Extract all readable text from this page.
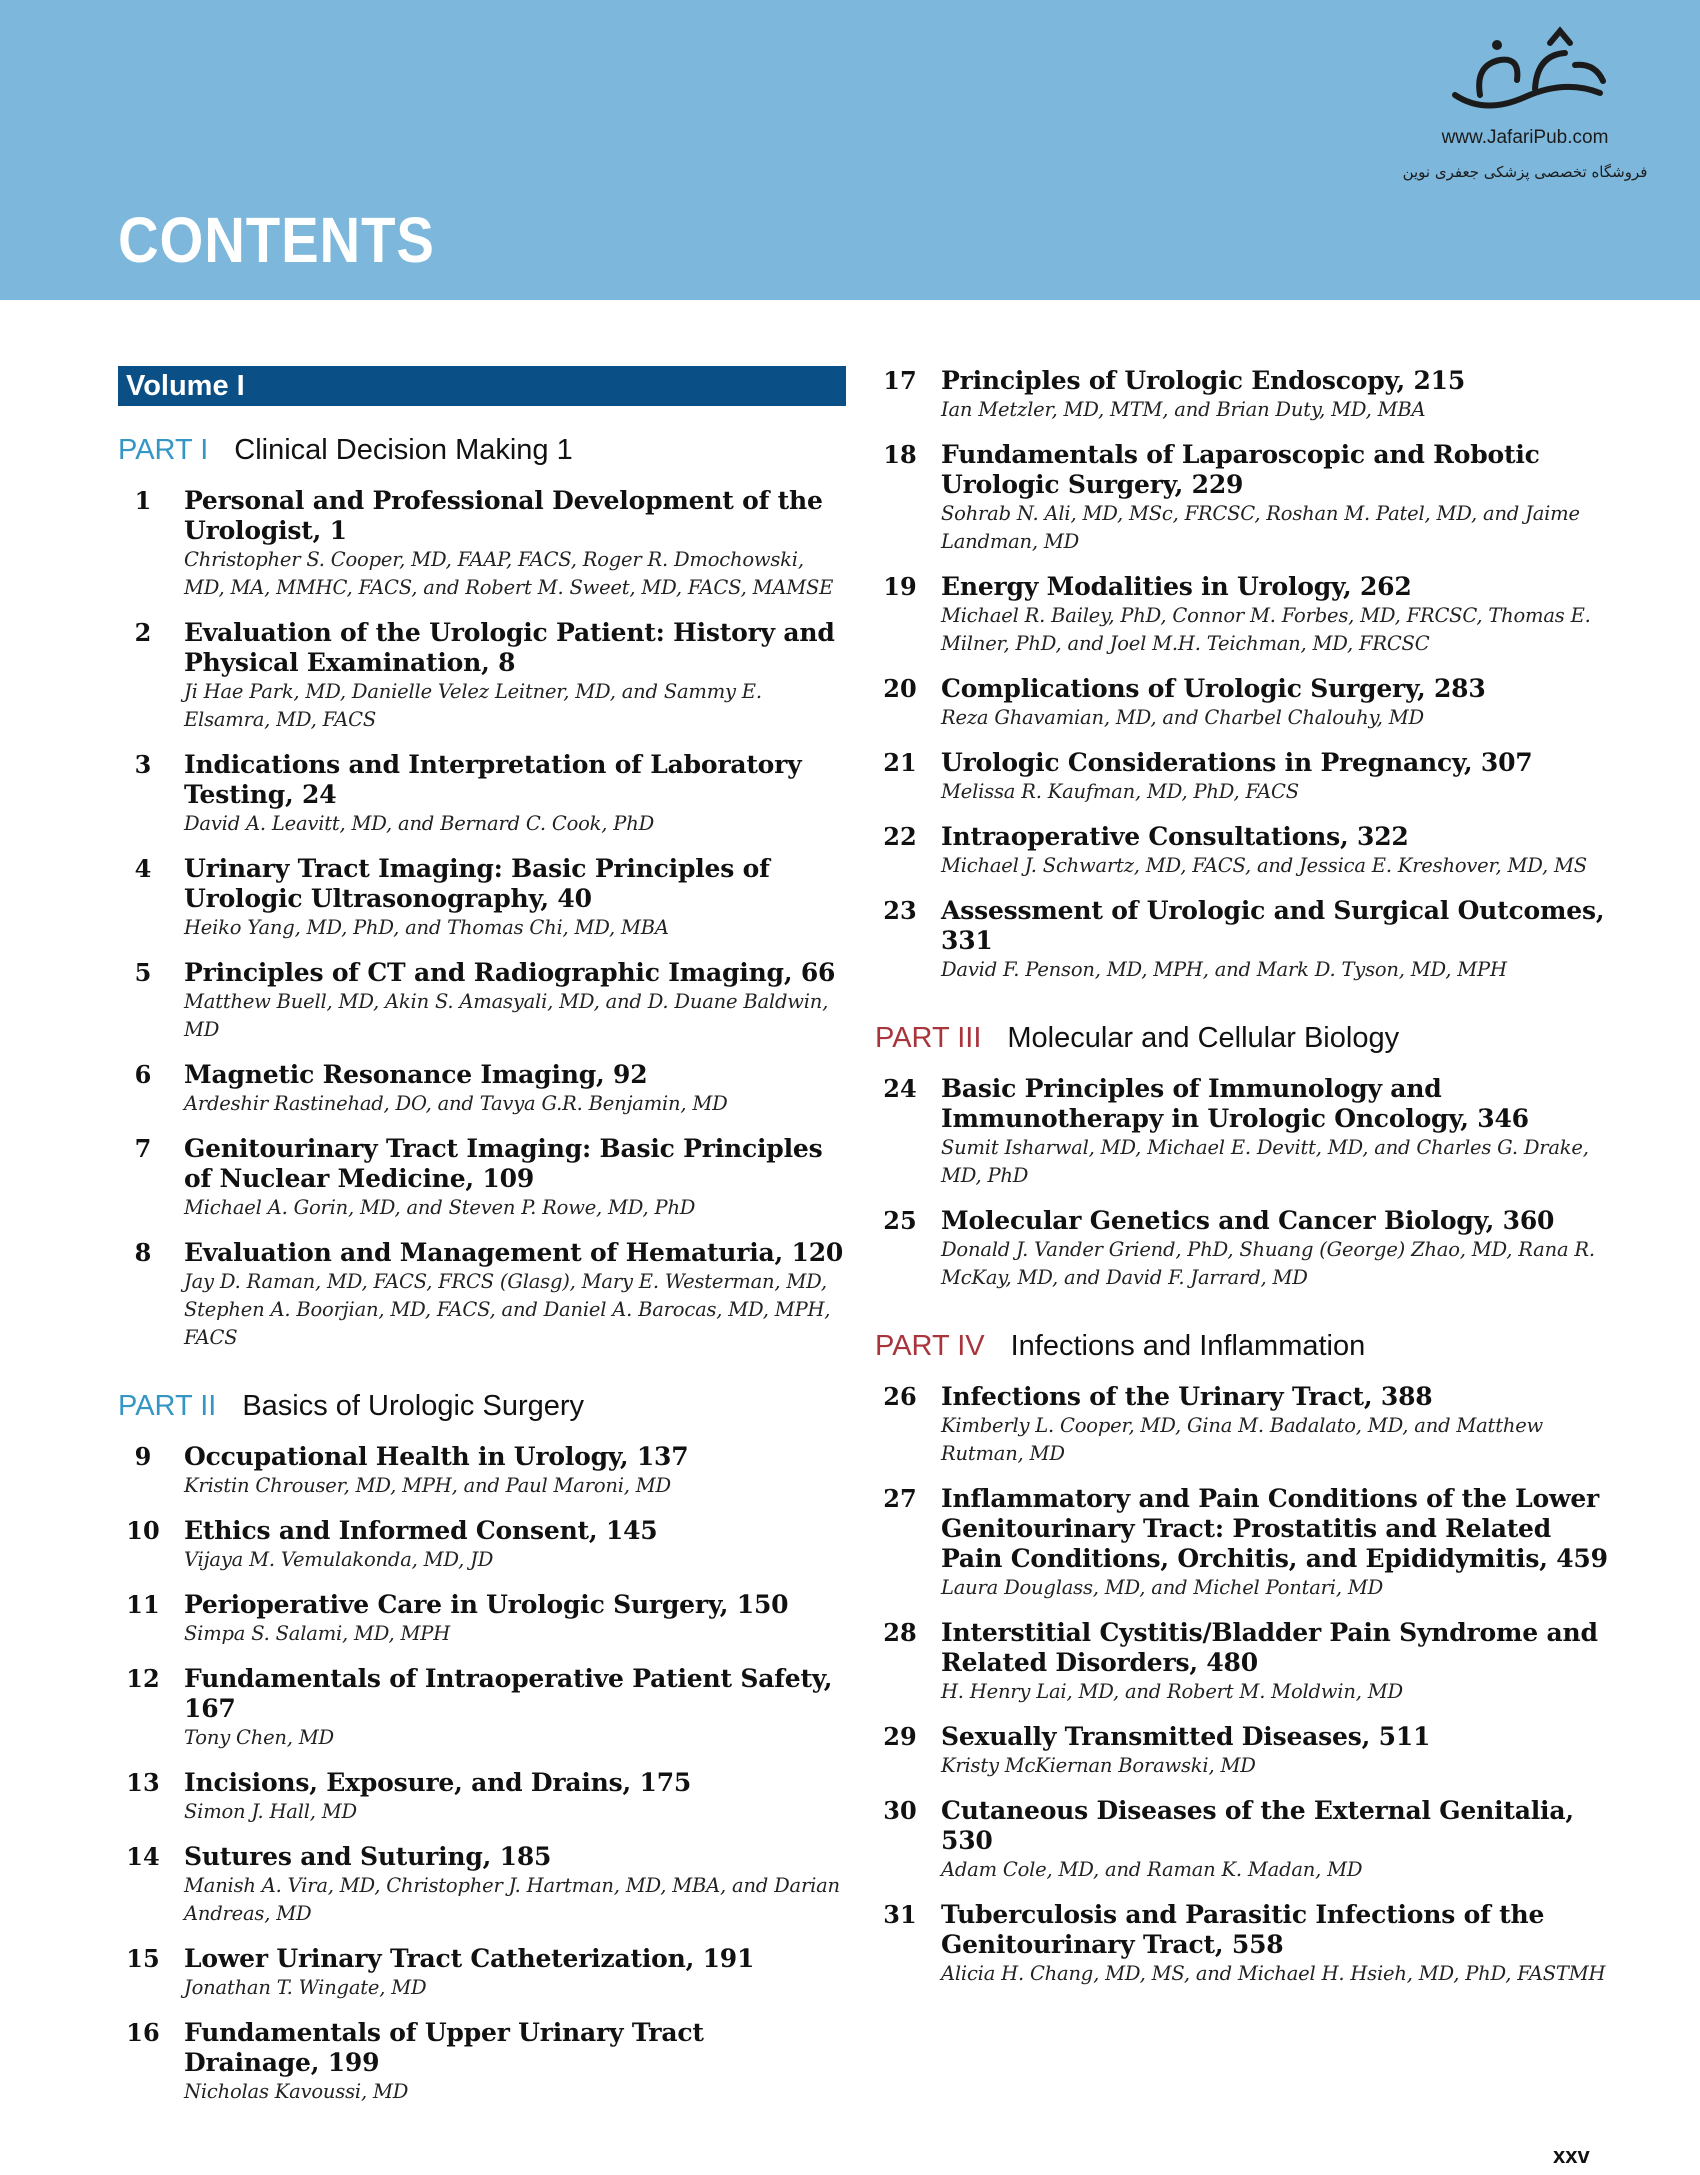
CONTENTS
www.JafariPub.com
فروشگاه تخصصی پزشکی جعفری نوین
Volume I
PART I Clinical Decision Making 1
1	Personal and Professional Development of the Urologist, 1
Christopher S. Cooper, MD, FAAP, FACS, Roger R. Dmochowski, MD, MA, MMHC, FACS, and Robert M. Sweet, MD, FACS, MAMSE
2	Evaluation of the Urologic Patient: History and Physical Examination, 8
Ji Hae Park, MD, Danielle Velez Leitner, MD, and Sammy E. Elsamra, MD, FACS
3	Indications and Interpretation of Laboratory Testing, 24
David A. Leavitt, MD, and Bernard C. Cook, PhD
4	Urinary Tract Imaging: Basic Principles of Urologic Ultrasonography, 40
Heiko Yang, MD, PhD, and Thomas Chi, MD, MBA
5	Principles of CT and Radiographic Imaging, 66
Matthew Buell, MD, Akin S. Amasyali, MD, and D. Duane Baldwin, MD
6	Magnetic Resonance Imaging, 92
Ardeshir Rastinehad, DO, and Tavya G.R. Benjamin, MD
7	Genitourinary Tract Imaging: Basic Principles of Nuclear Medicine, 109
Michael A. Gorin, MD, and Steven P. Rowe, MD, PhD
8	Evaluation and Management of Hematuria, 120
Jay D. Raman, MD, FACS, FRCS (Glasg), Mary E. Westerman, MD, Stephen A. Boorjian, MD, FACS, and Daniel A. Barocas, MD, MPH, FACS
PART II Basics of Urologic Surgery
9	Occupational Health in Urology, 137
Kristin Chrouser, MD, MPH, and Paul Maroni, MD
10 Ethics and Informed Consent, 145
Vijaya M. Vemulakonda, MD, JD
11 Perioperative Care in Urologic Surgery, 150
Simpa S. Salami, MD, MPH
12 Fundamentals of Intraoperative Patient Safety, 167
Tony Chen, MD
13 Incisions, Exposure, and Drains, 175
Simon J. Hall, MD
14 Sutures and Suturing, 185
Manish A. Vira, MD, Christopher J. Hartman, MD, MBA, and Darian Andreas, MD
15 Lower Urinary Tract Catheterization, 191
Jonathan T. Wingate, MD
16 Fundamentals of Upper Urinary Tract Drainage, 199
Nicholas Kavoussi, MD
17 Principles of Urologic Endoscopy, 215
Ian Metzler, MD, MTM, and Brian Duty, MD, MBA
18 Fundamentals of Laparoscopic and Robotic Urologic Surgery, 229
Sohrab N. Ali, MD, MSc, FRCSC, Roshan M. Patel, MD, and Jaime Landman, MD
19 Energy Modalities in Urology, 262
Michael R. Bailey, PhD, Connor M. Forbes, MD, FRCSC, Thomas E. Milner, PhD, and Joel M.H. Teichman, MD, FRCSC
20 Complications of Urologic Surgery, 283
Reza Ghavamian, MD, and Charbel Chalouhy, MD
21 Urologic Considerations in Pregnancy, 307
Melissa R. Kaufman, MD, PhD, FACS
22 Intraoperative Consultations, 322
Michael J. Schwartz, MD, FACS, and Jessica E. Kreshover, MD, MS
23 Assessment of Urologic and Surgical Outcomes, 331
David F. Penson, MD, MPH, and Mark D. Tyson, MD, MPH
PART III Molecular and Cellular Biology
24 Basic Principles of Immunology and Immunotherapy in Urologic Oncology, 346
Sumit Isharwal, MD, Michael E. Devitt, MD, and Charles G. Drake, MD, PhD
25 Molecular Genetics and Cancer Biology, 360
Donald J. Vander Griend, PhD, Shuang (George) Zhao, MD, Rana R. McKay, MD, and David F. Jarrard, MD
PART IV Infections and Inflammation
26 Infections of the Urinary Tract, 388
Kimberly L. Cooper, MD, Gina M. Badalato, MD, and Matthew Rutman, MD
27 Inflammatory and Pain Conditions of the Lower Genitourinary Tract: Prostatitis and Related Pain Conditions, Orchitis, and Epididymitis, 459
Laura Douglass, MD, and Michel Pontari, MD
28 Interstitial Cystitis/Bladder Pain Syndrome and Related Disorders, 480
H. Henry Lai, MD, and Robert M. Moldwin, MD
29 Sexually Transmitted Diseases, 511
Kristy McKiernan Borawski, MD
30 Cutaneous Diseases of the External Genitalia, 530
Adam Cole, MD, and Raman K. Madan, MD
31 Tuberculosis and Parasitic Infections of the Genitourinary Tract, 558
Alicia H. Chang, MD, MS, and Michael H. Hsieh, MD, PhD, FASTMH
xxv
